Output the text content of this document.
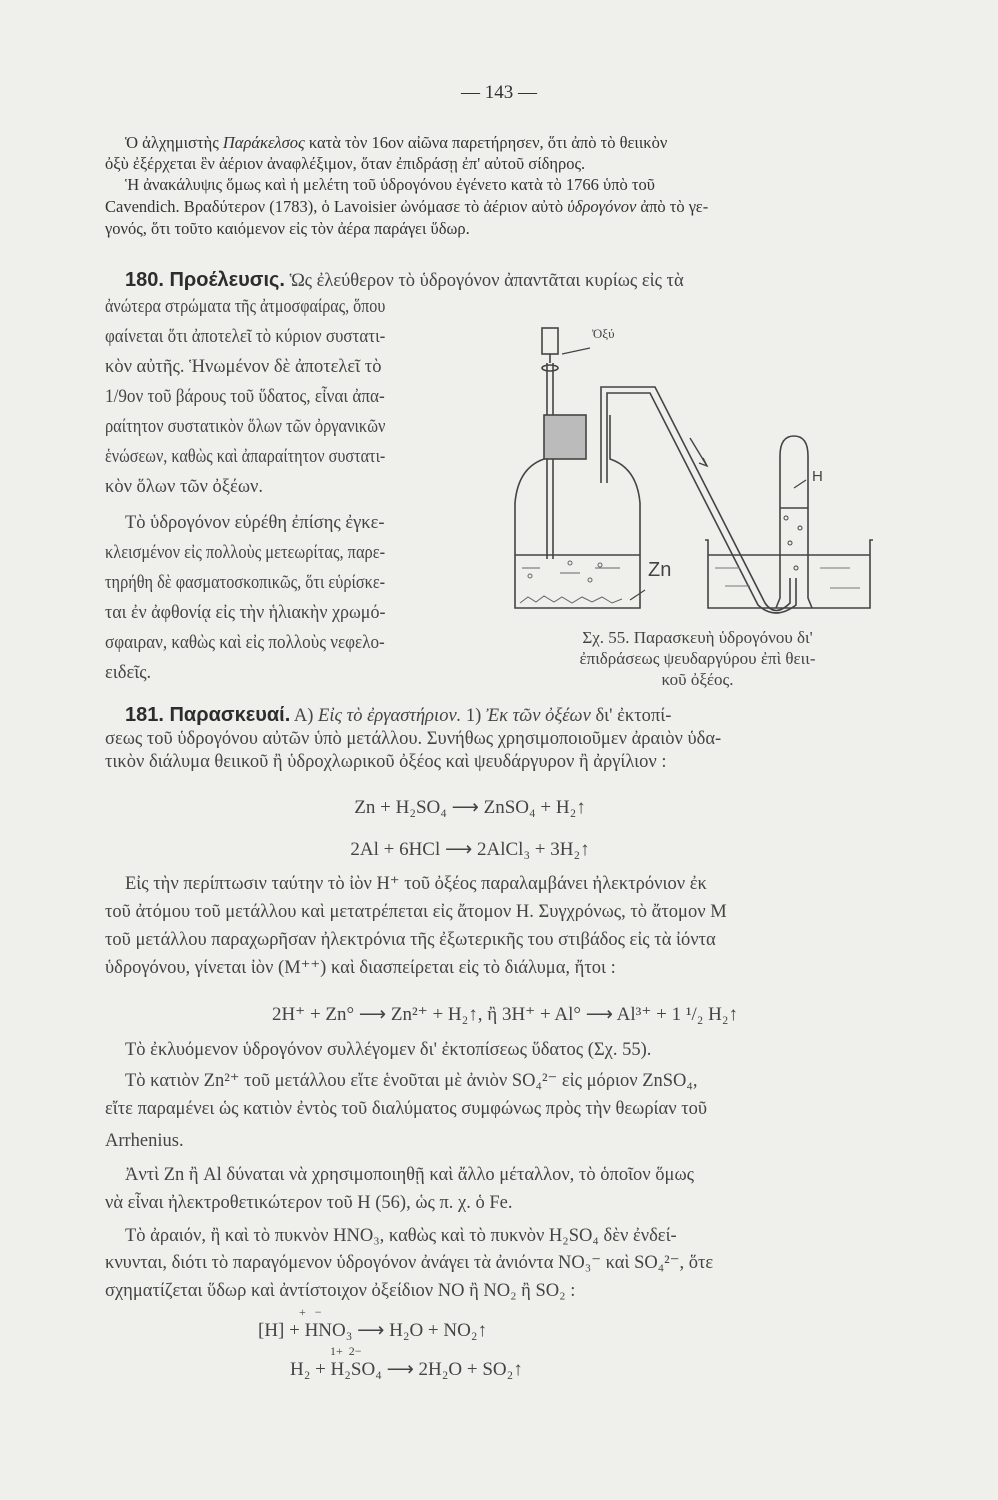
— 143 —
Ὁ ἀλχημιστὴς Παράκελσος κατὰ τὸν 16ον αἰῶνα παρετήρησεν, ὅτι ἀπὸ τὸ θειικὸν
ὀξὺ ἐξέρχεται ἓν ἀέριον ἀναφλέξιμον, ὅταν ἐπιδράσῃ ἐπ' αὐτοῦ σίδηρος.
Ἡ ἀνακάλυψις ὅμως καὶ ἡ μελέτη τοῦ ὑδρογόνου ἐγένετο κατὰ τὸ 1766 ὑπὸ τοῦ
Cavendich. Βραδύτερον (1783), ὁ Lavoisier ὠνόμασε τὸ ἀέριον αὐτὸ ὑδρογόνον ἀπὸ τὸ γε-
γονός, ὅτι τοῦτο καιόμενον εἰς τὸν ἀέρα παράγει ὕδωρ.
180. Προέλευσις. Ὡς ἐλεύθερον τὸ ὑδρογόνον ἀπαντᾶται κυρίως εἰς τὰ
ἀνώτερα στρώματα τῆς ἀτμοσφαίρας, ὅπου
φαίνεται ὅτι ἀποτελεῖ τὸ κύριον συστατι-
κὸν αὐτῆς. Ἡνωμένον δὲ ἀποτελεῖ τὸ
1/9ον τοῦ βάρους τοῦ ὕδατος, εἶναι ἀπα-
ραίτητον συστατικὸν ὅλων τῶν ὀργανικῶν
ἑνώσεων, καθὼς καὶ ἀπαραίτητον συστατι-
κὸν ὅλων τῶν ὀξέων.
Τὸ ὑδρογόνον εὑρέθη ἐπίσης ἐγκε-
κλεισμένον εἰς πολλοὺς μετεωρίτας, παρε-
τηρήθη δὲ φασματοσκοπικῶς, ὅτι εὑρίσκε-
ται ἐν ἀφθονίᾳ εἰς τὴν ἡλιακὴν χρωμό-
σφαιραν, καθὼς καὶ εἰς πολλοὺς νεφελο-
ειδεῖς.
Ὀξύ
Zn
H
Σχ. 55. Παρασκευὴ ὑδρογόνου δι'
ἐπιδράσεως ψευδαργύρου ἐπὶ θειι-
κοῦ ὀξέος.
181. Παρασκευαί. Α) Εἰς τὸ ἐργαστήριον. 1) Ἐκ τῶν ὀξέων δι' ἐκτοπί-
σεως τοῦ ὑδρογόνου αὐτῶν ὑπὸ μετάλλου. Συνήθως χρησιμοποιοῦμεν ἀραιὸν ὑδα-
τικὸν διάλυμα θειικοῦ ἢ ὑδροχλωρικοῦ ὀξέος καὶ ψευδάργυρον ἢ ἀργίλιον :
Zn + H₂SO₄ ⟶ ZnSO₄ + H₂↑
2Al + 6HCl ⟶ 2AlCl₃ + 3H₂↑
Εἰς τὴν περίπτωσιν ταύτην τὸ ἰὸν H⁺ τοῦ ὀξέος παραλαμβάνει ἠλεκτρόνιον ἐκ
τοῦ ἀτόμου τοῦ μετάλλου καὶ μετατρέπεται εἰς ἄτομον H. Συγχρόνως, τὸ ἄτομον M
τοῦ μετάλλου παραχωρῆσαν ἠλεκτρόνια τῆς ἐξωτερικῆς του στιβάδος εἰς τὰ ἰόντα
ὑδρογόνου, γίνεται ἰὸν (M⁺⁺) καὶ διασπείρεται εἰς τὸ διάλυμα, ἤτοι :
2H⁺ + Zn° ⟶ Zn²⁺ + H₂↑, ἢ 3H⁺ + Al° ⟶ Al³⁺ + 1 ¹/₂ H₂↑
Τὸ ἐκλυόμενον ὑδρογόνον συλλέγομεν δι' ἐκτοπίσεως ὕδατος (Σχ. 55).
Τὸ κατιὸν Zn²⁺ τοῦ μετάλλου εἴτε ἑνοῦται μὲ ἀνιὸν SO₄²⁻ εἰς μόριον ZnSO₄,
εἴτε παραμένει ὡς κατιὸν ἐντὸς τοῦ διαλύματος συμφώνως πρὸς τὴν θεωρίαν τοῦ
Arrhenius.
Ἀντὶ Zn ἢ Al δύναται νὰ χρησιμοποιηθῇ καὶ ἄλλο μέταλλον, τὸ ὁποῖον ὅμως
νὰ εἶναι ἠλεκτροθετικώτερον τοῦ H (56), ὡς π. χ. ὁ Fe.
Τὸ ἀραιόν, ἢ καὶ τὸ πυκνὸν HNO₃, καθὼς καὶ τὸ πυκνὸν H₂SO₄ δὲν ἐνδεί-
κνυνται, διότι τὸ παραγόμενον ὑδρογόνον ἀνάγει τὰ ἀνιόντα NO₃⁻ καὶ SO₄²⁻, ὅτε
σχηματίζεται ὕδωρ καὶ ἀντίστοιχον ὀξείδιον NO ἢ NO₂ ἢ SO₂ :
+   −
[H] + HNO₃ ⟶ H₂O + NO₂↑
1+  2−
H₂ + H₂SO₄ ⟶ 2H₂O + SO₂↑
